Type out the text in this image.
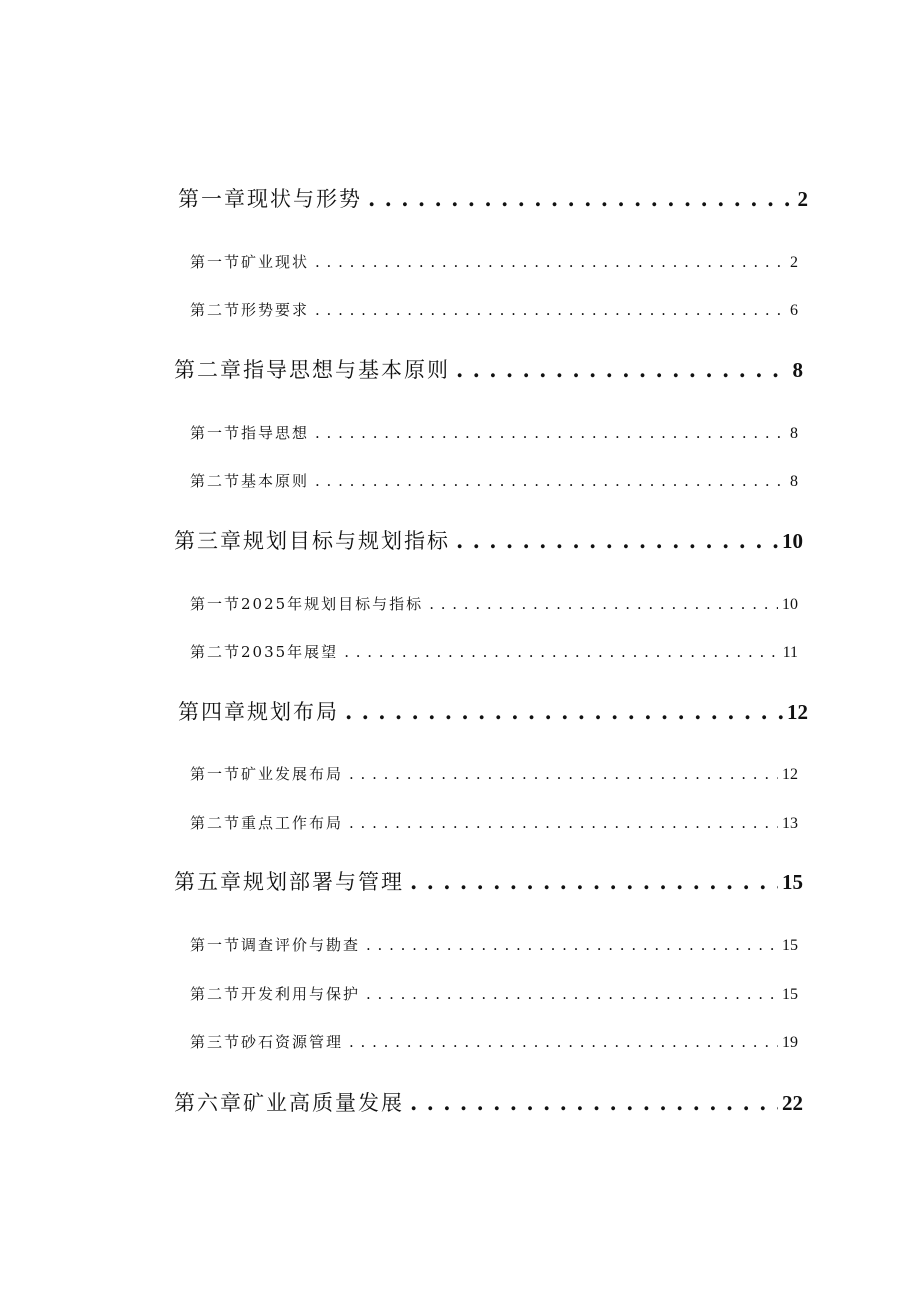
第一章现状与形势 . . .	2
第一节矿业现状 . . .	2
第二节形势要求 . . .	6
第二章指导思想与基本原则 . . .	8
第一节指导思想 . . .	8
第二节基本原则 . . .	8
第三章规划目标与规划指标 . . .	10
第一节2025年规划目标与指标 . . .	10
第二节2035年展望 . . .	11
第四章规划布局 . . .	12
第一节矿业发展布局 . . .	12
第二节重点工作布局 . . .	13
第五章规划部署与管理 . . .	15
第一节调查评价与勘查 . . .	15
第二节开发利用与保护 . . .	15
第三节砂石资源管理 . . .	19
第六章矿业高质量发展 . . .	22
